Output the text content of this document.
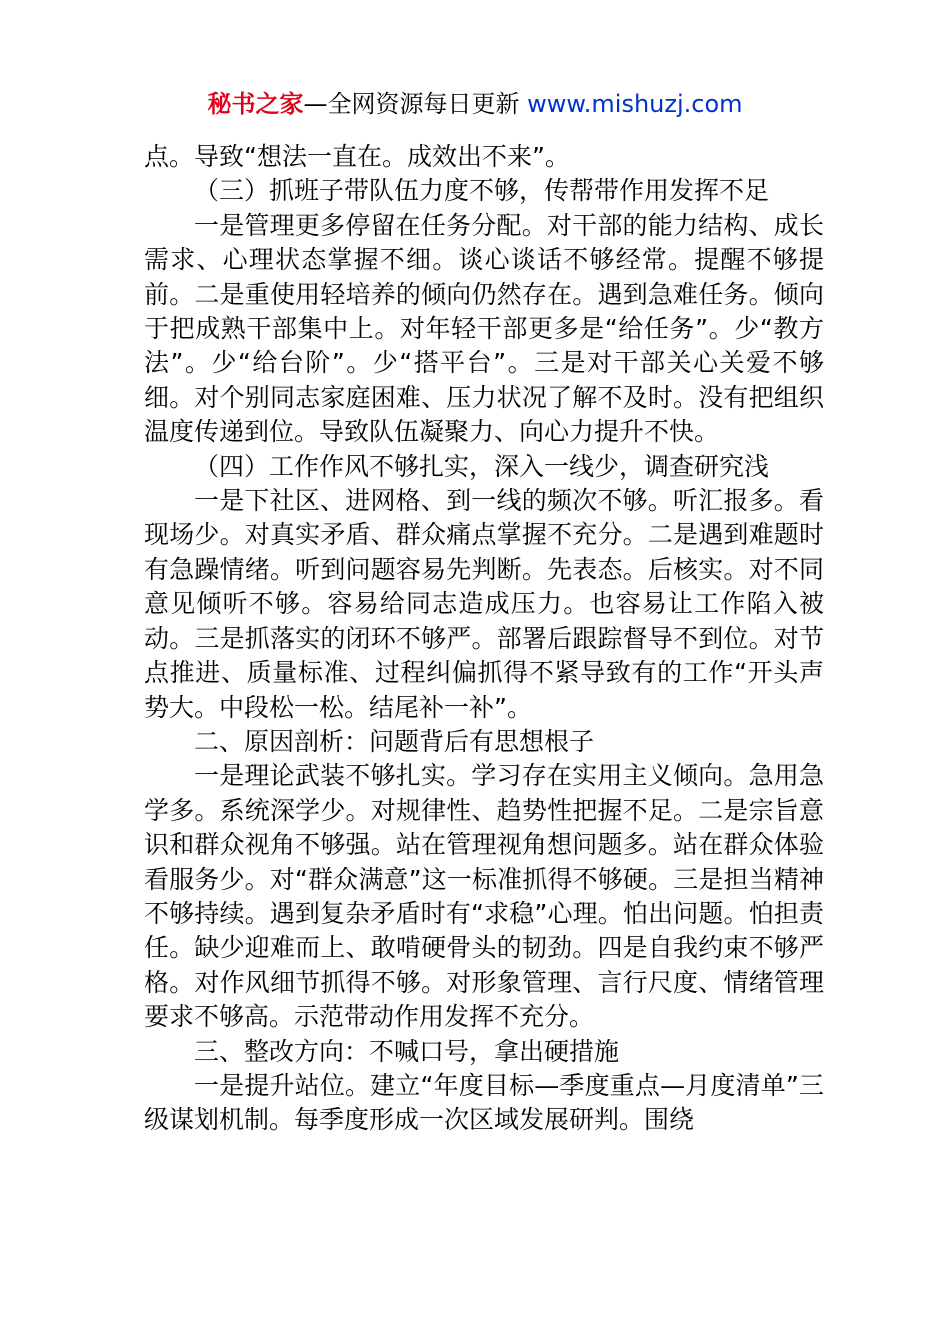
秘书之家—全网资源每日更新 www.mishuzj.com

点。导致“想法一直在。成效出不来”。

（三）抓班子带队伍力度不够，传帮带作用发挥不足

一是管理更多停留在任务分配。对干部的能力结构、成长需求、心理状态掌握不细。谈心谈话不够经常。提醒不够提前。二是重使用轻培养的倾向仍然存在。遇到急难任务。倾向于把成熟干部集中上。对年轻干部更多是“给任务”。少“教方法”。少“给台阶”。少“搭平台”。三是对干部关心关爱不够细。对个别同志家庭困难、压力状况了解不及时。没有把组织温度传递到位。导致队伍凝聚力、向心力提升不快。

（四）工作作风不够扎实，深入一线少，调查研究浅

一是下社区、进网格、到一线的频次不够。听汇报多。看现场少。对真实矛盾、群众痛点掌握不充分。二是遇到难题时有急躁情绪。听到问题容易先判断。先表态。后核实。对不同意见倾听不够。容易给同志造成压力。也容易让工作陷入被动。三是抓落实的闭环不够严。部署后跟踪督导不到位。对节点推进、质量标准、过程纠偏抓得不紧导致有的工作“开头声势大。中段松一松。结尾补一补”。

二、原因剖析：问题背后有思想根子

一是理论武装不够扎实。学习存在实用主义倾向。急用急学多。系统深学少。对规律性、趋势性把握不足。二是宗旨意识和群众视角不够强。站在管理视角想问题多。站在群众体验看服务少。对“群众满意”这一标准抓得不够硬。三是担当精神不够持续。遇到复杂矛盾时有“求稳”心理。怕出问题。怕担责任。缺少迎难而上、敢啃硬骨头的韧劲。四是自我约束不够严格。对作风细节抓得不够。对形象管理、言行尺度、情绪管理要求不够高。示范带动作用发挥不充分。

三、整改方向：不喊口号，拿出硬措施

一是提升站位。建立“年度目标—季度重点—月度清单”三级谋划机制。每季度形成一次区域发展研判。围绕
